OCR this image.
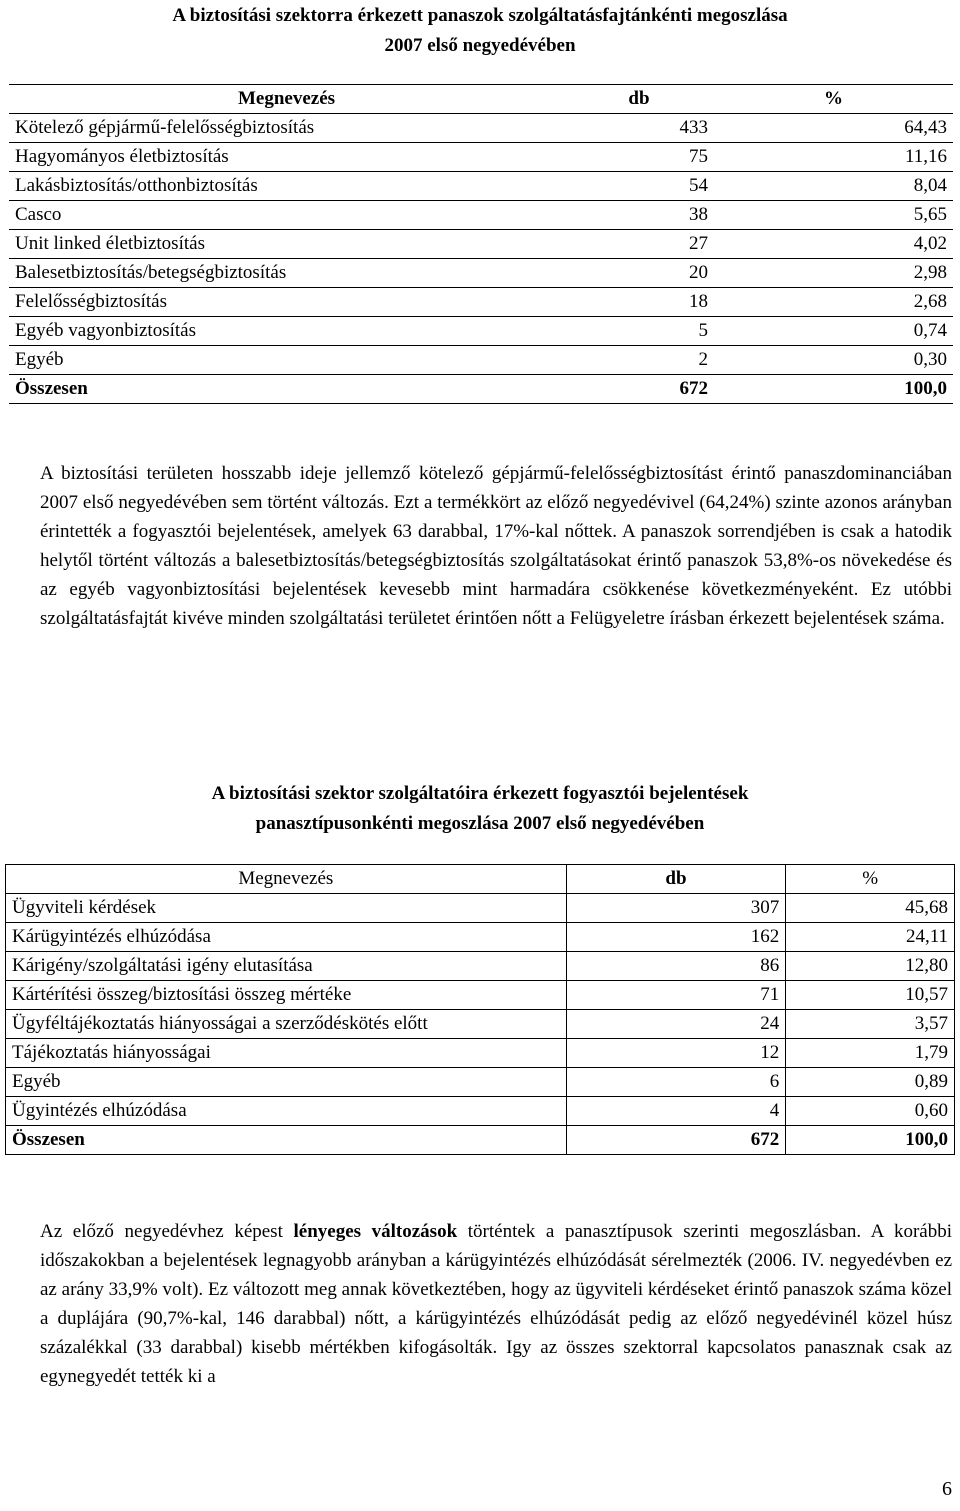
A biztosítási szektorra érkezett panaszok szolgáltatásfajtánkénti megoszlása
2007 első negyedévében
Megnevezés	db	%
Kötelező gépjármű-felelősségbiztosítás	433	64,43
Hagyományos életbiztosítás	75	11,16
Lakásbiztosítás/otthonbiztosítás	54	8,04
Casco	38	5,65
Unit linked életbiztosítás	27	4,02
Balesetbiztosítás/betegségbiztosítás	20	2,98
Felelősségbiztosítás	18	2,68
Egyéb vagyonbiztosítás	5	0,74
Egyéb	2	0,30
Összesen	672	100,0
A biztosítási területen hosszabb ideje jellemző kötelező gépjármű-felelősségbiztosítást érintő panaszdominanciában 2007 első negyedévében sem történt változás. Ezt a termékkört az előző negyedévivel (64,24%) szinte azonos arányban érintették a fogyasztói bejelentések, amelyek 63 darabbal, 17%-kal nőttek. A panaszok sorrendjében is csak a hatodik helytől történt változás a balesetbiztosítás/betegségbiztosítás szolgáltatásokat érintő panaszok 53,8%-os növekedése és az egyéb vagyonbiztosítási bejelentések kevesebb mint harmadára csökkenése következményeként. Ez utóbbi szolgáltatásfajtát kivéve minden szolgáltatási területet érintően nőtt a Felügyeletre írásban érkezett bejelentések száma.
A biztosítási szektor szolgáltatóira érkezett fogyasztói bejelentések
panasztípusonkénti megoszlása 2007 első negyedévében
Megnevezés	db	%
Ügyviteli kérdések	307	45,68
Kárügyintézés elhúzódása	162	24,11
Kárigény/szolgáltatási igény elutasítása	86	12,80
Kártérítési összeg/biztosítási összeg mértéke	71	10,57
Ügyféltájékoztatás hiányosságai a szerződéskötés előtt	24	3,57
Tájékoztatás hiányosságai	12	1,79
Egyéb	6	0,89
Ügyintézés elhúzódása	4	0,60
Összesen	672	100,0
Az előző negyedévhez képest lényeges változások történtek a panasztípusok szerinti megoszlásban. A korábbi időszakokban a bejelentések legnagyobb arányban a kárügyintézés elhúzódását sérelmezték (2006. IV. negyedévben ez az arány 33,9% volt). Ez változott meg annak következtében, hogy az ügyviteli kérdéseket érintő panaszok száma közel a duplájára (90,7%-kal, 146 darabbal) nőtt, a kárügyintézés elhúzódását pedig az előző negyedévinél közel húsz százalékkal (33 darabbal) kisebb mértékben kifogásolták. Igy az összes szektorral kapcsolatos panasznak csak az egynegyedét tették ki a
6
